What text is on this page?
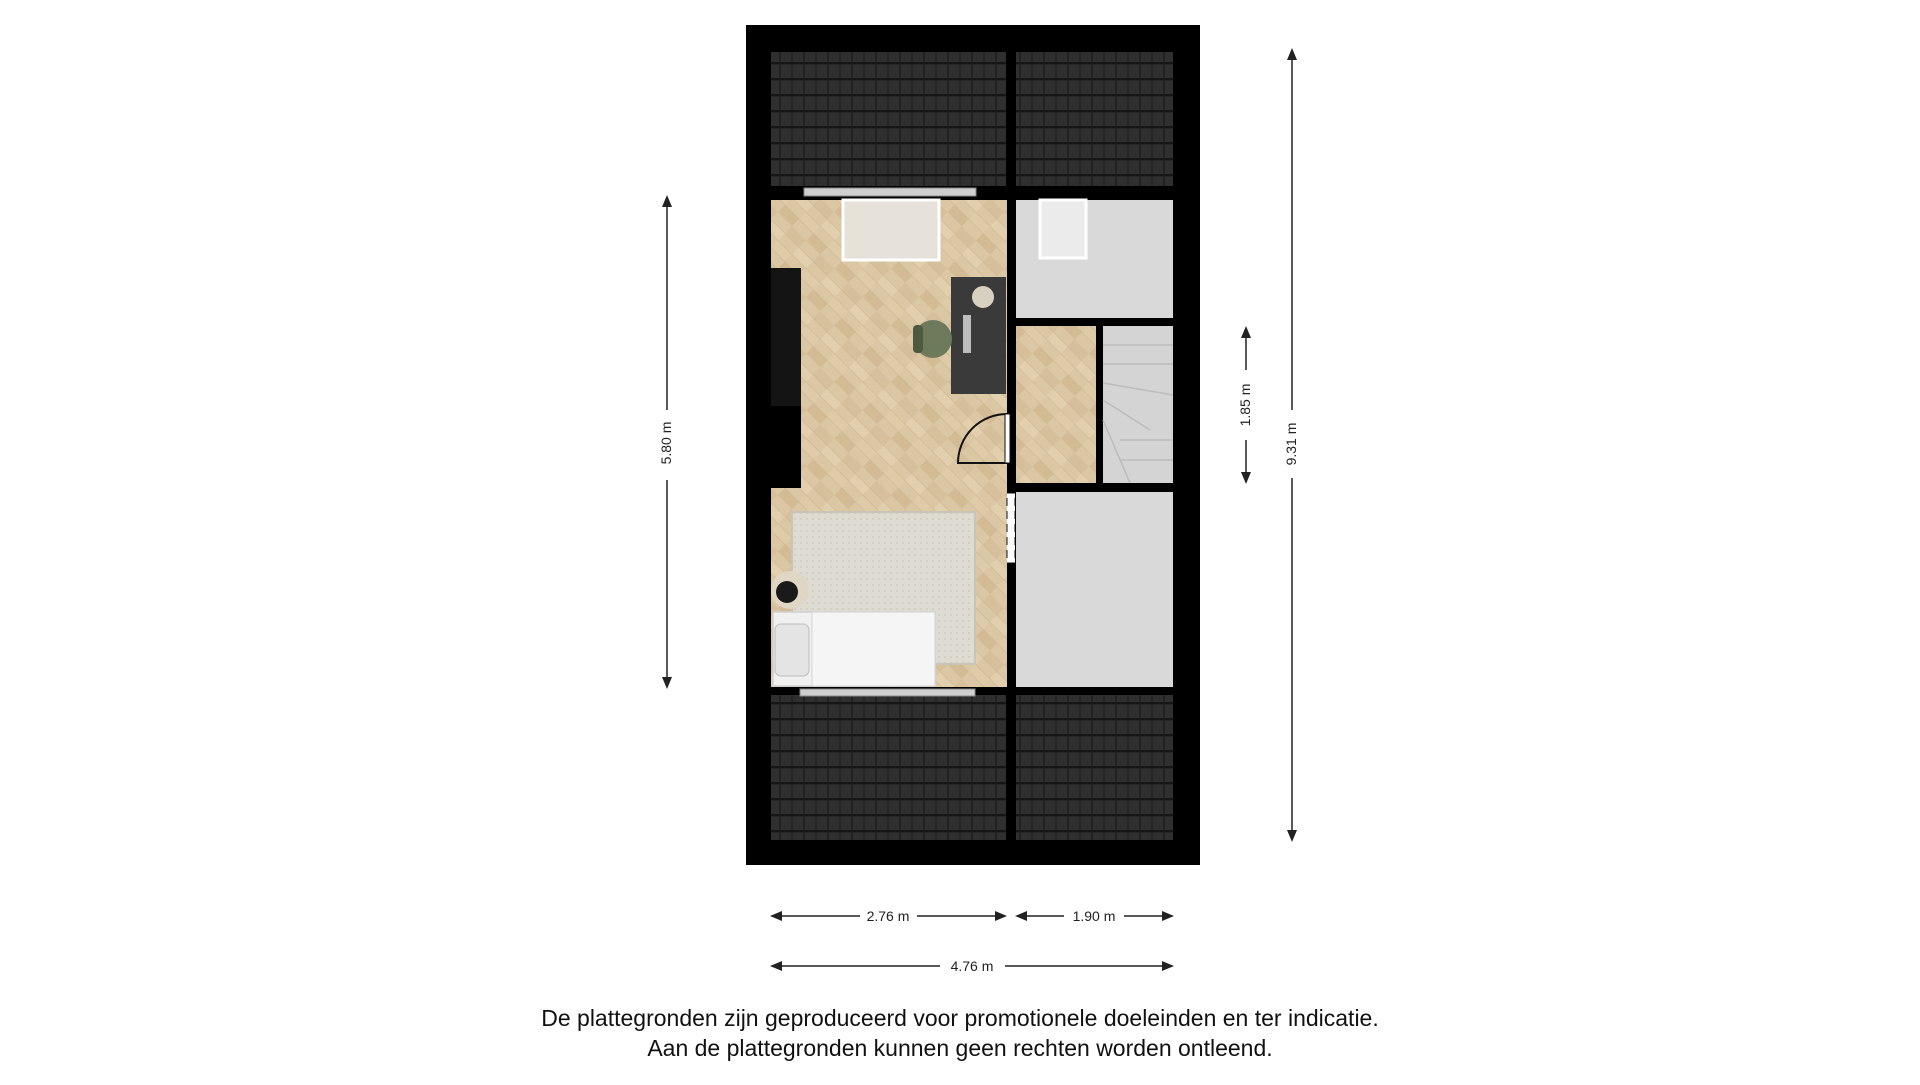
5.80 m
1.85 m
9.31 m
2.76 m	1.90 m
4.76 m
De plattegronden zijn geproduceerd voor promotionele doeleinden en ter indicatie.
Aan de plattegronden kunnen geen rechten worden ontleend.
